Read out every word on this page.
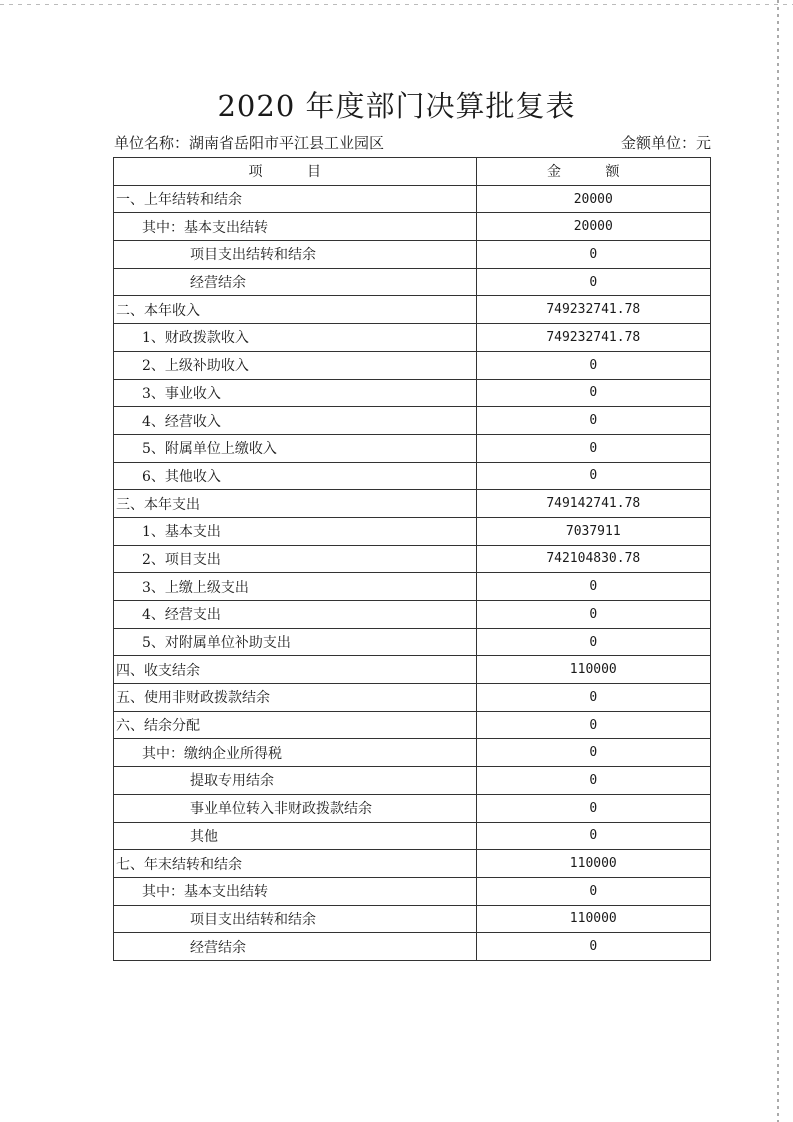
2020 年度部门决算批复表
单位名称：湖南省岳阳市平江县工业园区	金额单位：元
项 目	金 额
一、上年结转和结余	20000
其中：基本支出结转	20000
项目支出结转和结余	0
经营结余	0
二、本年收入	749232741.78
1、财政拨款收入	749232741.78
2、上级补助收入	0
3、事业收入	0
4、经营收入	0
5、附属单位上缴收入	0
6、其他收入	0
三、本年支出	749142741.78
1、基本支出	7037911
2、项目支出	742104830.78
3、上缴上级支出	0
4、经营支出	0
5、对附属单位补助支出	0
四、收支结余	110000
五、使用非财政拨款结余	0
六、结余分配	0
其中：缴纳企业所得税	0
提取专用结余	0
事业单位转入非财政拨款结余	0
其他	0
七、年末结转和结余	110000
其中：基本支出结转	0
项目支出结转和结余	110000
经营结余	0
